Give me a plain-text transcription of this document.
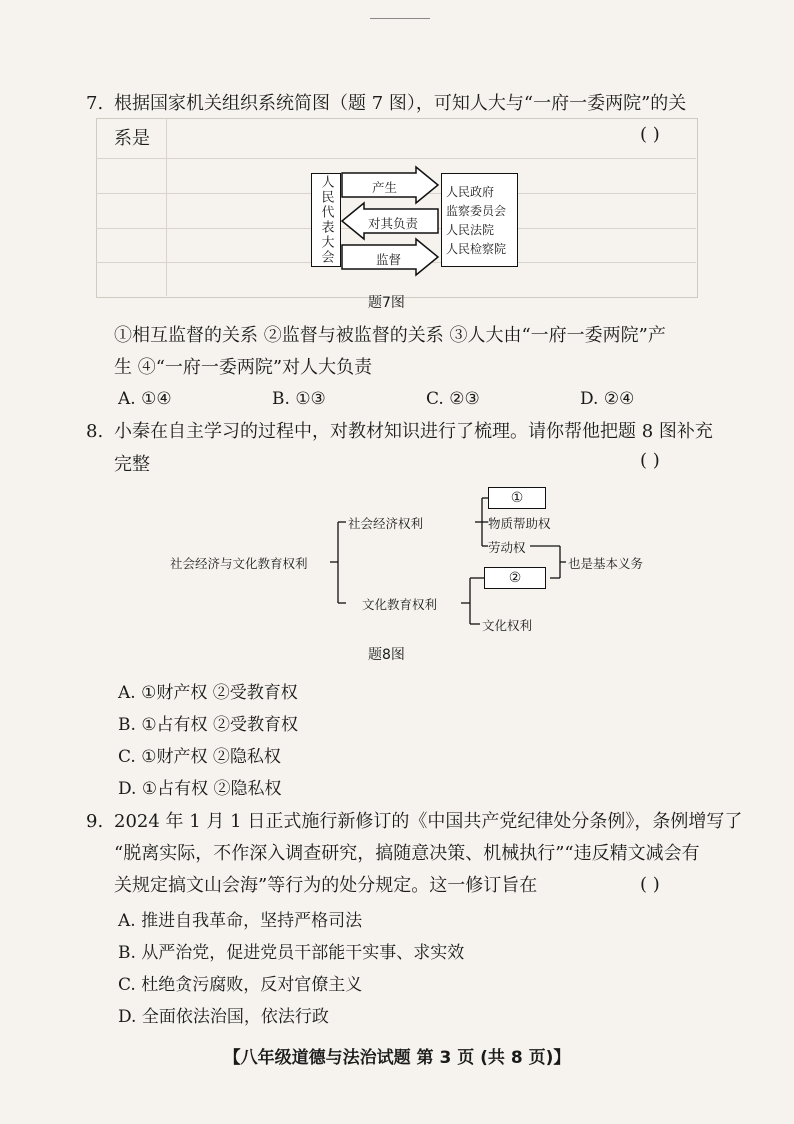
7. 根据国家机关组织系统简图（题 7 图），可知人大与“一府一委两院”的关
系是	( )
人民代表大会	产生
对其负责
监督
人民政府
监察委员会
人民法院
人民检察院
题7图
①相互监督的关系 ②监督与被监督的关系 ③人大由“一府一委两院”产
生 ④“一府一委两院”对人大负责
A. ①④	B. ①③	C. ②③	D. ②④
8. 小秦在自主学习的过程中，对教材知识进行了梳理。请你帮他把题 8 图补充
完整	( )
社会经济与文化教育权利
社会经济权利
文化教育权利
①
物质帮助权
劳动权
②
文化权利
也是基本义务
题8图
A. ①财产权 ②受教育权
B. ①占有权 ②受教育权
C. ①财产权 ②隐私权
D. ①占有权 ②隐私权
9. 2024 年 1 月 1 日正式施行新修订的《中国共产党纪律处分条例》，条例增写了
“脱离实际，不作深入调查研究，搞随意决策、机械执行”“违反精文减会有
关规定搞文山会海”等行为的处分规定。这一修订旨在	( )
A. 推进自我革命，坚持严格司法
B. 从严治党，促进党员干部能干实事、求实效
C. 杜绝贪污腐败，反对官僚主义
D. 全面依法治国，依法行政
【八年级道德与法治试题 第 3 页 (共 8 页)】
